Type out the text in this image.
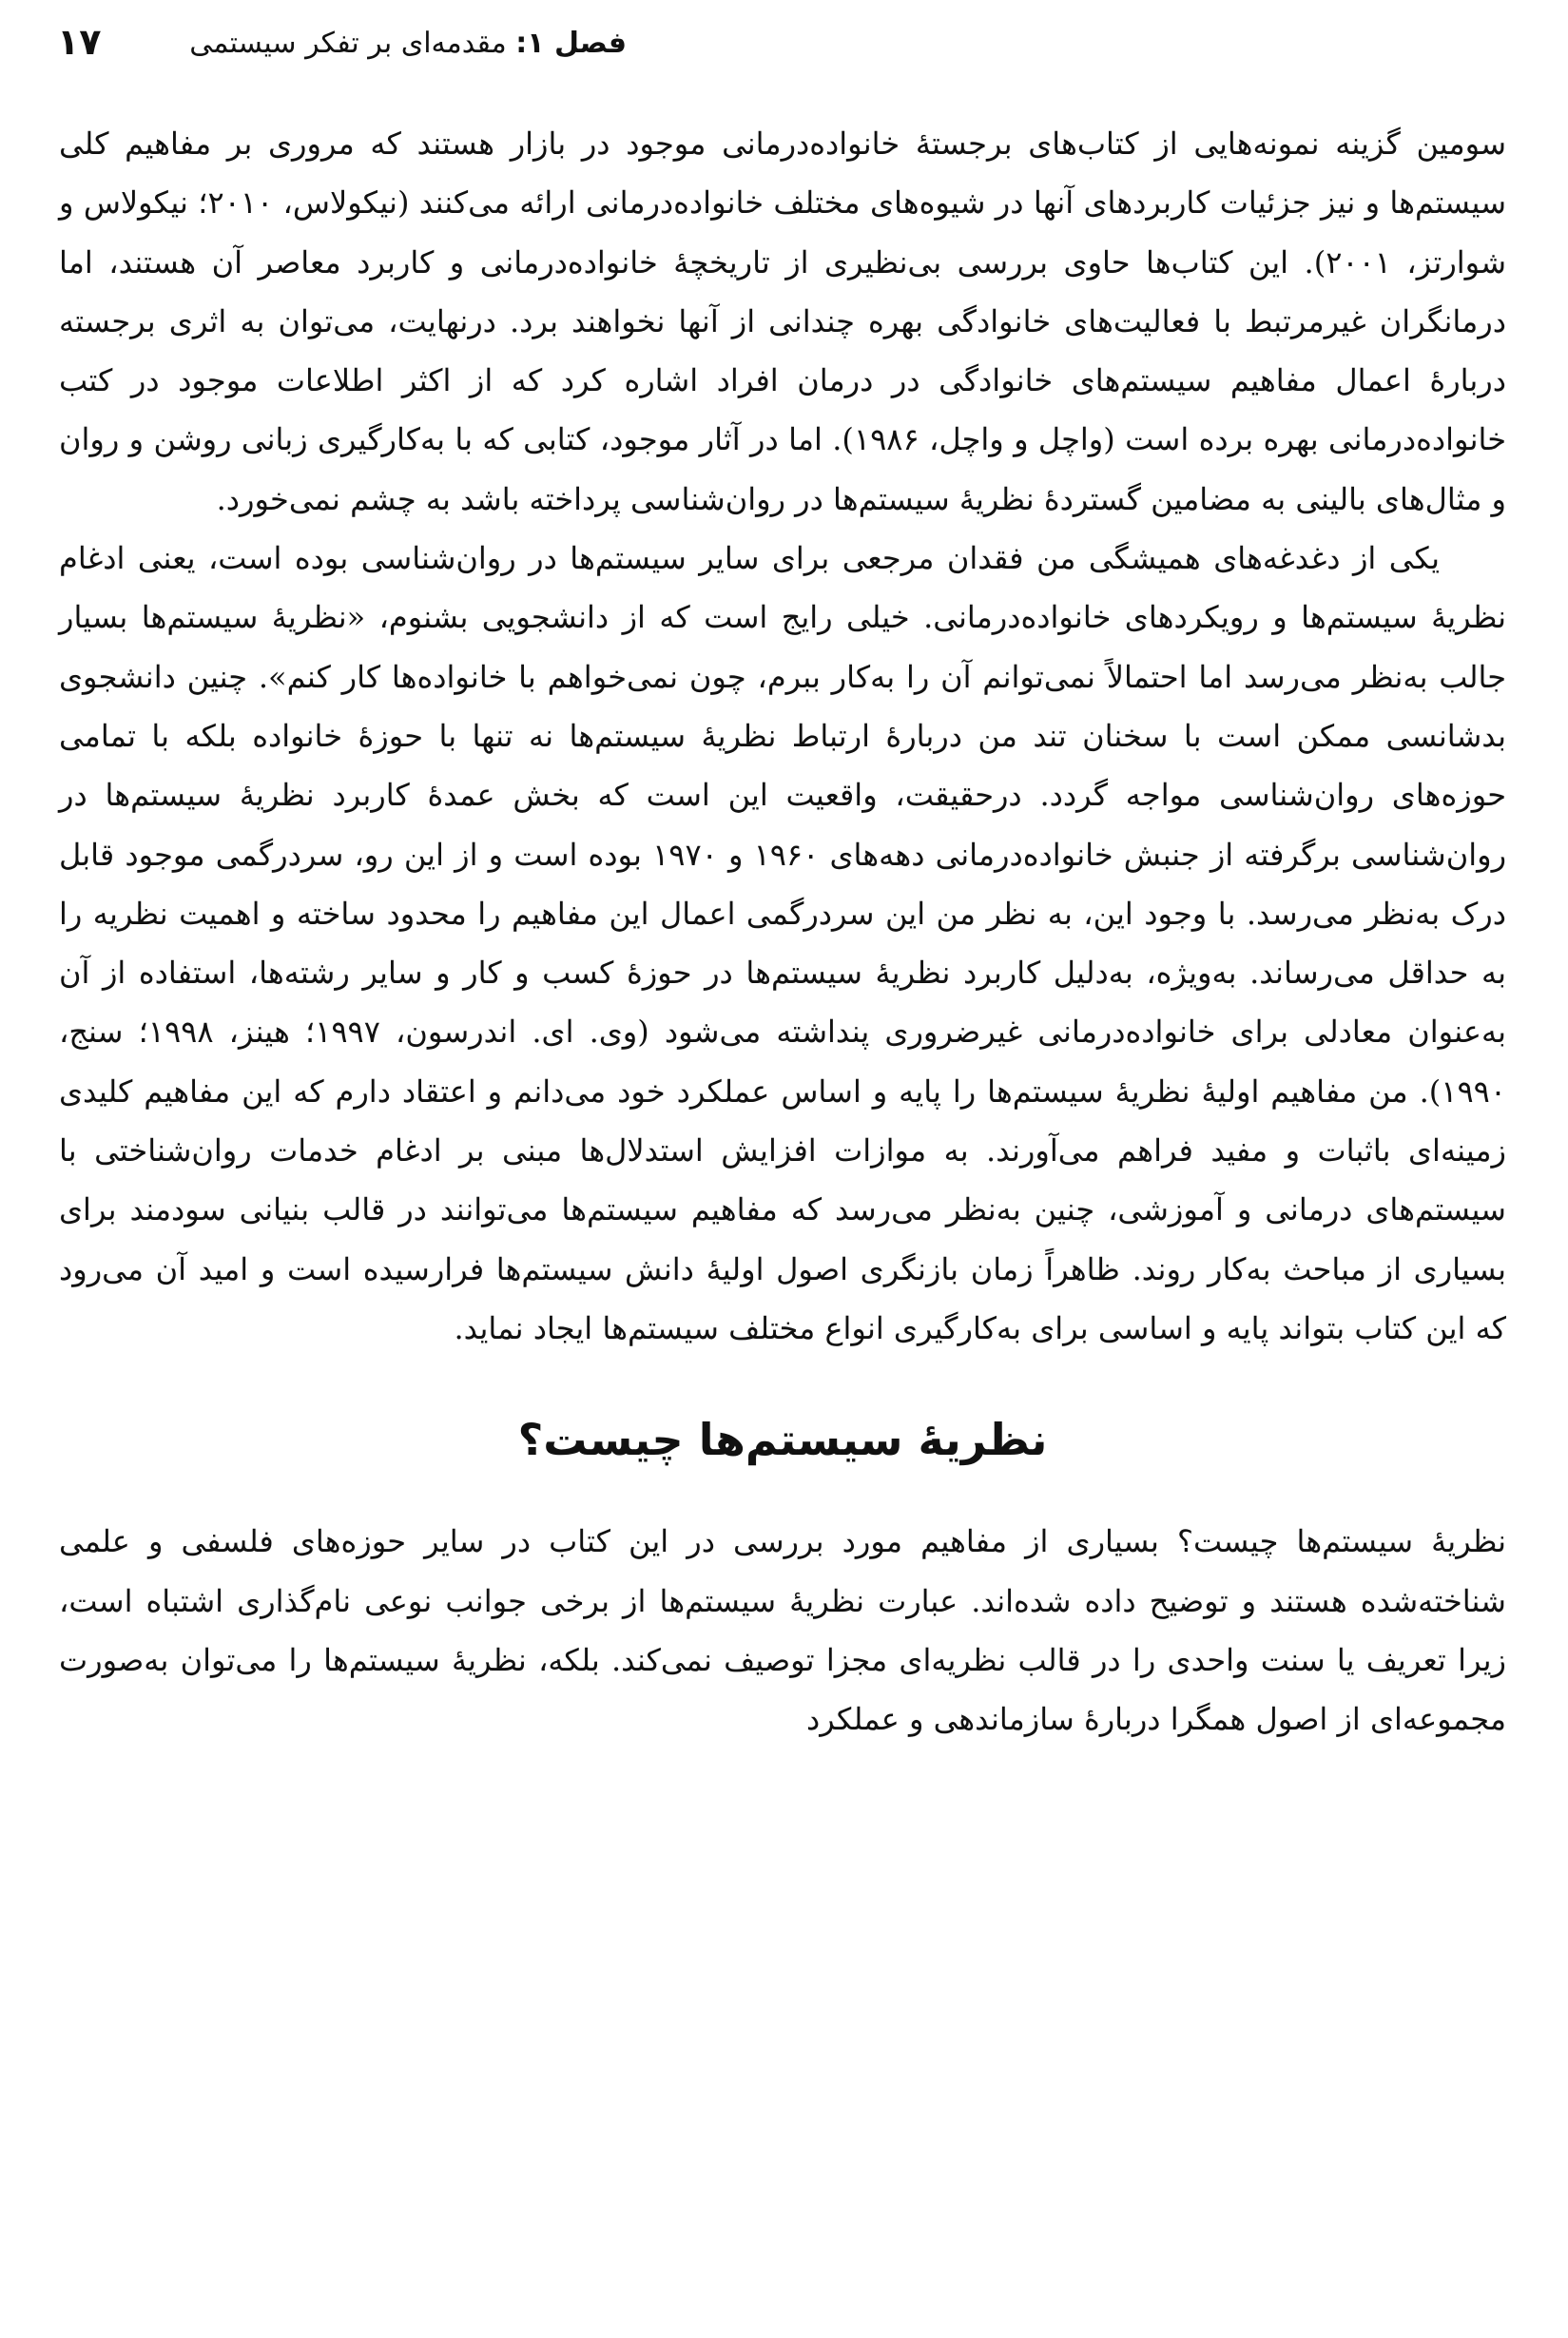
فصل ۱: مقدمه‌ای بر تفکر سیستمی
۱۷

سومین گزینه نمونه‌هایی از کتاب‌های برجستهٔ خانواده‌درمانی موجود در بازار هستند که مروری بر مفاهیم کلی سیستم‌ها و نیز جزئیات کاربردهای آنها در شیوه‌های مختلف خانواده‌درمانی ارائه می‌کنند (نیکولاس، ۲۰۱۰؛ نیکولاس و شوارتز، ۲۰۰۱). این کتاب‌ها حاوی بررسی بی‌نظیری از تاریخچهٔ خانواده‌درمانی و کاربرد معاصر آن هستند، اما درمانگران غیرمرتبط با فعالیت‌های خانوادگی بهره چندانی از آنها نخواهند برد. درنهایت، می‌توان به اثری برجسته دربارهٔ اعمال مفاهیم سیستم‌های خانوادگی در درمان افراد اشاره کرد که از اکثر اطلاعات موجود در کتب خانواده‌درمانی بهره برده است (واچل و واچل، ۱۹۸۶). اما در آثار موجود، کتابی که با به‌کارگیری زبانی روشن و روان و مثال‌های بالینی به مضامین گستردهٔ نظریهٔ سیستم‌ها در روان‌شناسی پرداخته باشد به چشم نمی‌خورد.

یکی از دغدغه‌های همیشگی من فقدان مرجعی برای سایر سیستم‌ها در روان‌شناسی بوده است، یعنی ادغام نظریهٔ سیستم‌ها و رویکردهای خانواده‌درمانی. خیلی رایج است که از دانشجویی بشنوم، «نظریهٔ سیستم‌ها بسیار جالب به‌نظر می‌رسد اما احتمالاً نمی‌توانم آن را به‌کار ببرم، چون نمی‌خواهم با خانواده‌ها کار کنم». چنین دانشجوی بدشانسی ممکن است با سخنان تند من دربارهٔ ارتباط نظریهٔ سیستم‌ها نه تنها با حوزهٔ خانواده بلکه با تمامی حوزه‌های روان‌شناسی مواجه گردد. درحقیقت، واقعیت این است که بخش عمدهٔ کاربرد نظریهٔ سیستم‌ها در روان‌شناسی برگرفته از جنبش خانواده‌درمانی دهه‌های ۱۹۶۰ و ۱۹۷۰ بوده است و از این رو، سردرگمی موجود قابل درک به‌نظر می‌رسد. با وجود این، به نظر من این سردرگمی اعمال این مفاهیم را محدود ساخته و اهمیت نظریه را به حداقل می‌رساند. به‌ویژه، به‌دلیل کاربرد نظریهٔ سیستم‌ها در حوزهٔ کسب و کار و سایر رشته‌ها، استفاده از آن به‌عنوان معادلی برای خانواده‌درمانی غیرضروری پنداشته می‌شود (وی. ای. اندرسون، ۱۹۹۷؛ هینز، ۱۹۹۸؛ سنج، ۱۹۹۰). من مفاهیم اولیهٔ نظریهٔ سیستم‌ها را پایه و اساس عملکرد خود می‌دانم و اعتقاد دارم که این مفاهیم کلیدی زمینه‌ای باثبات و مفید فراهم می‌آورند. به موازات افزایش استدلال‌ها مبنی بر ادغام خدمات روان‌شناختی با سیستم‌های درمانی و آموزشی، چنین به‌نظر می‌رسد که مفاهیم سیستم‌ها می‌توانند در قالب بنیانی سودمند برای بسیاری از مباحث به‌کار روند. ظاهراً زمان بازنگری اصول اولیهٔ دانش سیستم‌ها فرارسیده است و امید آن می‌رود که این کتاب بتواند پایه و اساسی برای به‌کارگیری انواع مختلف سیستم‌ها ایجاد نماید.

نظریهٔ سیستم‌ها چیست؟

نظریهٔ سیستم‌ها چیست؟ بسیاری از مفاهیم مورد بررسی در این کتاب در سایر حوزه‌های فلسفی و علمی شناخته‌شده هستند و توضیح داده شده‌اند. عبارت نظریهٔ سیستم‌ها از برخی جوانب نوعی نام‌گذاری اشتباه است، زیرا تعریف یا سنت واحدی را در قالب نظریه‌ای مجزا توصیف نمی‌کند. بلکه، نظریهٔ سیستم‌ها را می‌توان به‌صورت مجموعه‌ای از اصول همگرا دربارهٔ سازماندهی و عملکرد
